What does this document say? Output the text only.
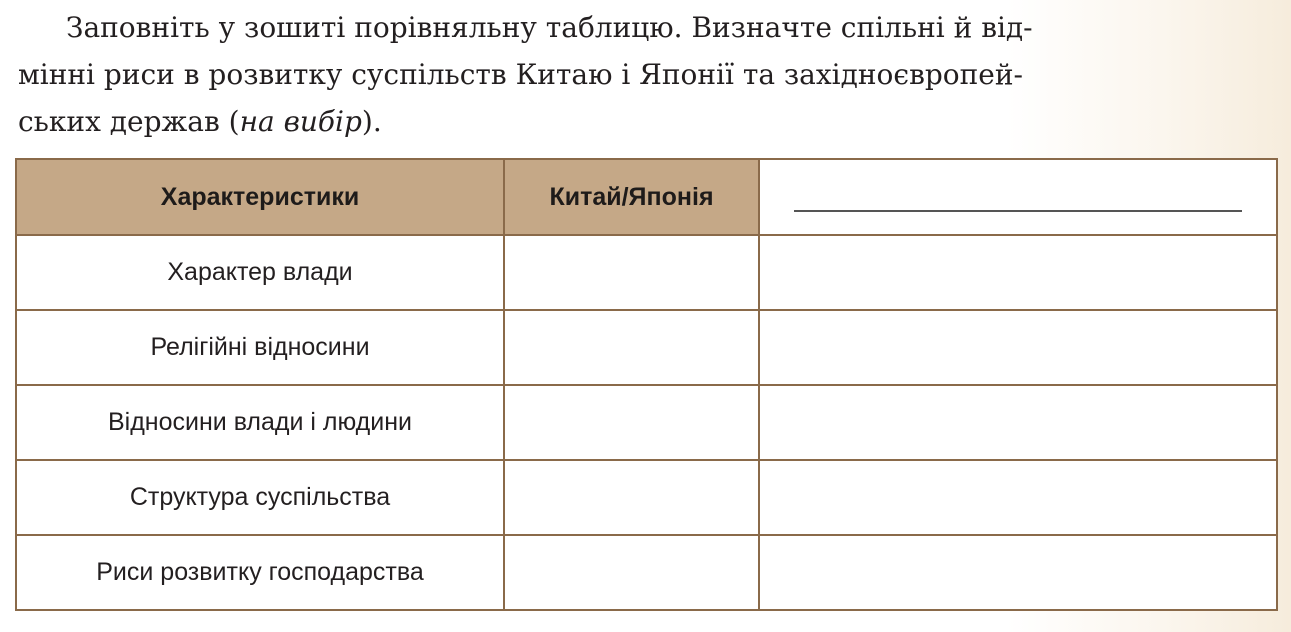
Заповніть у зошиті порівняльну таблицю. Визначте спільні й від-
мінні риси в розвитку суспільств Китаю і Японії та західноєвропей-
ських держав (на вибір).
Характеристики	Китай/Японія	

Характер влади		
Релігійні відносини		
Відносини влади і людини		
Структура суспільства		
Риси розвитку господарства		
